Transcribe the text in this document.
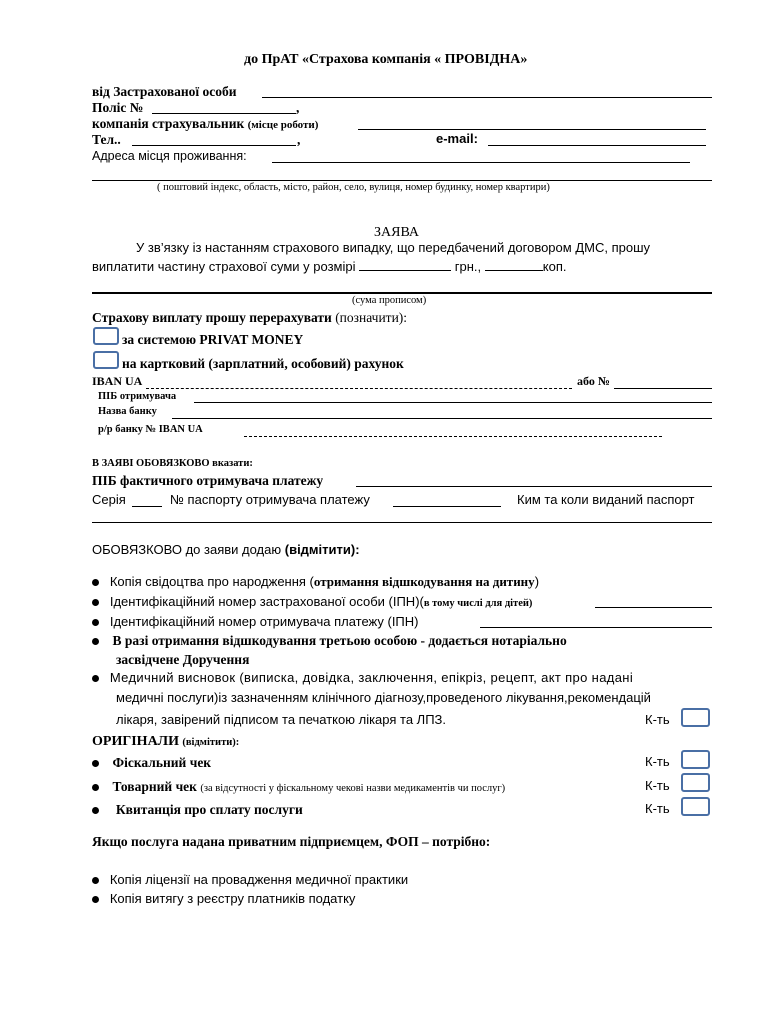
до ПрАТ «Страхова компанія « ПРОВІДНА»
від Застрахованої особи
Поліс №	,
компанія страхувальник (місце роботи)
Тел..	,	e-mail:
Адреса місця проживання:
( поштовий індекс, область, місто, район, село, вулиця, номер будинку, номер квартири)
ЗАЯВА
У зв’язку із настанням страхового випадку, що передбачений договором ДМС, прошу
виплатити частину страхової суми у розмірі	грн.,	коп.
(сума прописом)
Страхову виплату прошу перерахувати (позначити):
за системою PRIVAT MONEY
на картковий (зарплатний, особовий) рахунок
IBAN UA	або №
ПІБ отримувача
Назва банку
р/р банку № IBAN UA
В ЗАЯВІ ОБОВЯЗКОВО вказати:
ПІБ фактичного отримувача платежу
Серія	№ паспорту отримувача платежу	Ким та коли виданий паспорт
ОБОВЯЗКОВО до заяви додаю (відмітити):
Копія свідоцтва про народження (отримання відшкодування на дитину)
Ідентифікаційний номер застрахованої особи (ІПН)(в тому числі для дітей)
Ідентифікаційний номер отримувача платежу (ІПН)
В разі отримання відшкодування третьою особою - додається нотаріально
засвідчене Доручення
Медичний висновок (виписка, довідка, заключення, епікріз, рецепт, акт про надані
медичні послуги)із зазначенням клінічного діагнозу,проведеного лікування,рекомендацій
лікаря, завірений підписом та печаткою лікаря та ЛПЗ.	К-ть
ОРИГІНАЛИ (відмітити):
Фіскальний чек	К-ть
Товарний чек (за відсутності у фіскальному чекові назви медикаментів чи послуг)	К-ть
Квитанція про сплату послуги	К-ть
Якщо послуга надана приватним підприємцем, ФОП – потрібно:
Копія ліцензії на провадження медичної практики
Копія витягу з реєстру платників податку
